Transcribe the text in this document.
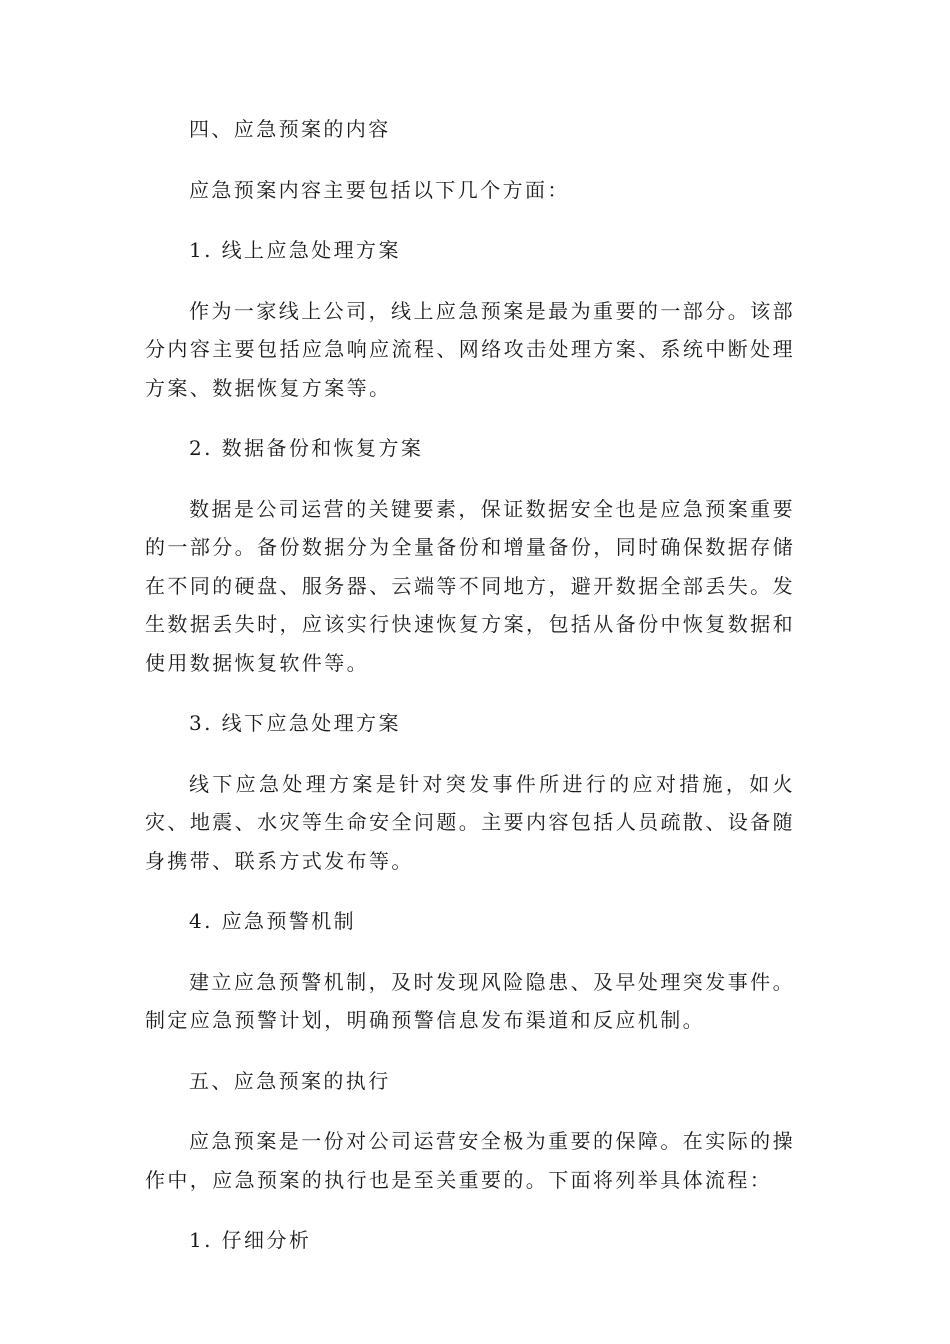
四、应急预案的内容
应急预案内容主要包括以下几个方面：
1. 线上应急处理方案
作为一家线上公司，线上应急预案是最为重要的一部分。该部分内容主要包括应急响应流程、网络攻击处理方案、系统中断处理方案、数据恢复方案等。
2. 数据备份和恢复方案
数据是公司运营的关键要素，保证数据安全也是应急预案重要的一部分。备份数据分为全量备份和增量备份，同时确保数据存储在不同的硬盘、服务器、云端等不同地方，避开数据全部丢失。发生数据丢失时，应该实行快速恢复方案，包括从备份中恢复数据和使用数据恢复软件等。
3. 线下应急处理方案
线下应急处理方案是针对突发事件所进行的应对措施，如火灾、地震、水灾等生命安全问题。主要内容包括人员疏散、设备随身携带、联系方式发布等。
4. 应急预警机制
建立应急预警机制，及时发现风险隐患、及早处理突发事件。制定应急预警计划，明确预警信息发布渠道和反应机制。
五、应急预案的执行
应急预案是一份对公司运营安全极为重要的保障。在实际的操作中，应急预案的执行也是至关重要的。下面将列举具体流程：
1. 仔细分析
